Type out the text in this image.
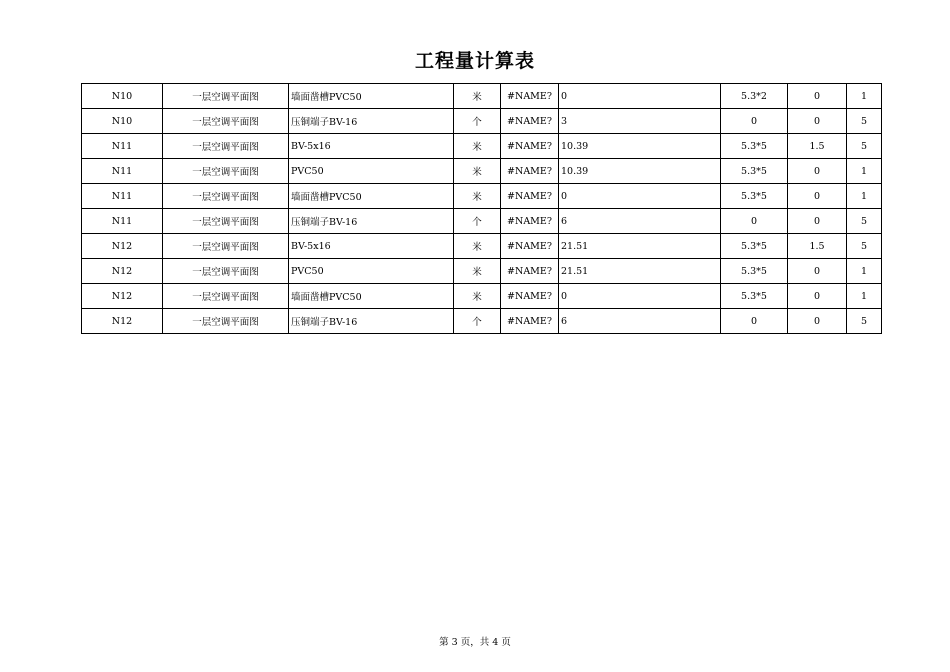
工程量计算表
N10	一层空调平面图	墙面凿槽PVC50	米	#NAME?	0	5.3*2	0	1
N10	一层空调平面图	压铜端子BV-16	个	#NAME?	3	0	0	5
N11	一层空调平面图	BV-5x16	米	#NAME?	10.39	5.3*5	1.5	5
N11	一层空调平面图	PVC50	米	#NAME?	10.39	5.3*5	0	1
N11	一层空调平面图	墙面凿槽PVC50	米	#NAME?	0	5.3*5	0	1
N11	一层空调平面图	压铜端子BV-16	个	#NAME?	6	0	0	5
N12	一层空调平面图	BV-5x16	米	#NAME?	21.51	5.3*5	1.5	5
N12	一层空调平面图	PVC50	米	#NAME?	21.51	5.3*5	0	1
N12	一层空调平面图	墙面凿槽PVC50	米	#NAME?	0	5.3*5	0	1
N12	一层空调平面图	压铜端子BV-16	个	#NAME?	6	0	0	5
第 3 页，共 4 页
